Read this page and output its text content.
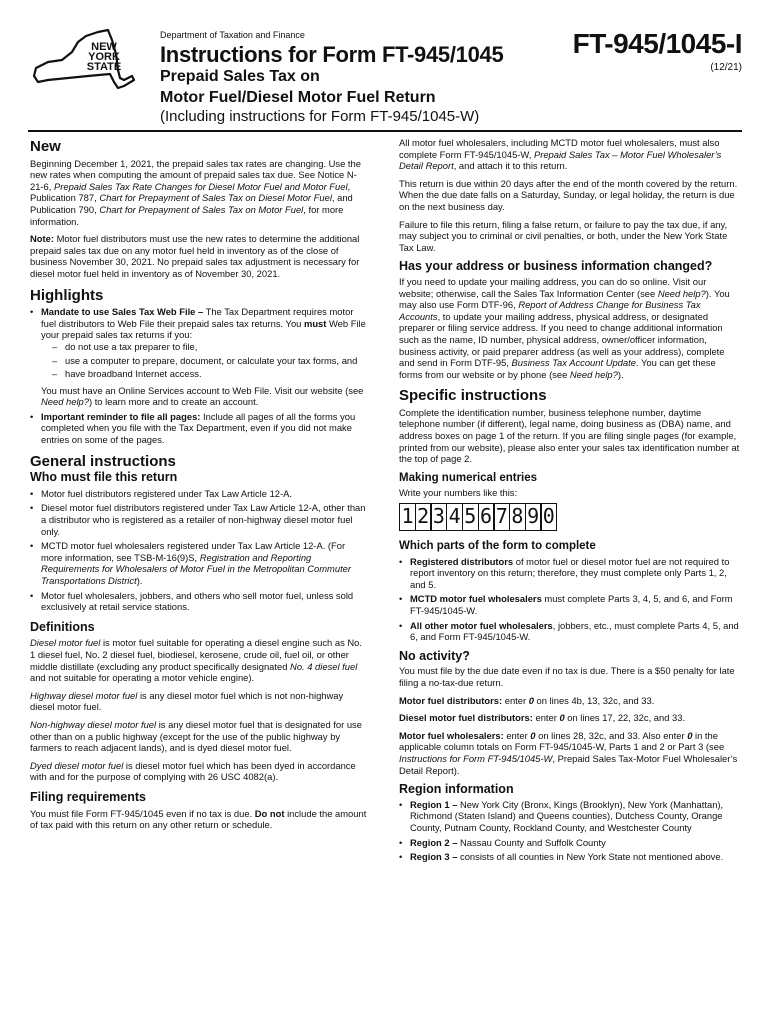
NEW YORK STATE
Department of Taxation and Finance
Instructions for Form FT-945/1045
Prepaid Sales Tax on
Motor Fuel/Diesel Motor Fuel Return
(Including instructions for Form FT-945/1045-W)
FT-945/1045-I
(12/21)
New

Beginning December 1, 2021, the prepaid sales tax rates are changing. Use the new rates when computing the amount of prepaid sales tax due. See Notice N-21-6, Prepaid Sales Tax Rate Changes for Diesel Motor Fuel and Motor Fuel, Publication 787, Chart for Prepayment of Sales Tax on Diesel Motor Fuel, and Publication 790, Chart for Prepayment of Sales Tax on Motor Fuel, for more information.

Note: Motor fuel distributors must use the new rates to determine the additional prepaid sales tax due on any motor fuel held in inventory as of the close of business November 30, 2021. No prepaid sales tax adjustment is necessary for diesel motor fuel held in inventory as of November 30, 2021.

Highlights
• Mandate to use Sales Tax Web File – The Tax Department requires motor fuel distributors to Web File their prepaid sales tax returns. You must Web File your prepaid sales tax returns if you:
– do not use a tax preparer to file,
– use a computer to prepare, document, or calculate your tax forms, and
– have broadband Internet access.
You must have an Online Services account to Web File. Visit our website (see Need help?) to learn more and to create an account.
• Important reminder to file all pages: Include all pages of all the forms you completed when you file with the Tax Department, even if you did not make entries on some of the pages.
General instructions
Who must file this return
• Motor fuel distributors registered under Tax Law Article 12-A.
• Diesel motor fuel distributors registered under Tax Law Article 12-A, other than a distributor who is registered as a retailer of non-highway diesel motor fuel only.
• MCTD motor fuel wholesalers registered under Tax Law Article 12-A. (For more information, see TSB-M-16(9)S, Registration and Reporting Requirements for Wholesalers of Motor Fuel in the Metropolitan Commuter Transportations District).
• Motor fuel wholesalers, jobbers, and others who sell motor fuel, unless sold exclusively at retail service stations.
Definitions

Diesel motor fuel is motor fuel suitable for operating a diesel engine such as No. 1 diesel fuel, No. 2 diesel fuel, biodiesel, kerosene, crude oil, fuel oil, or other middle distillate (excluding any product specifically designated No. 4 diesel fuel and not suitable for operating a motor vehicle engine).

Highway diesel motor fuel is any diesel motor fuel which is not non-highway diesel motor fuel.

Non-highway diesel motor fuel is any diesel motor fuel that is designated for use other than on a public highway (except for the use of the public highway by farmers to reach adjacent lands), and is dyed diesel motor fuel.

Dyed diesel motor fuel is diesel motor fuel which has been dyed in accordance with and for the purpose of complying with 26 USC 4082(a).

Filing requirements

You must file Form FT-945/1045 even if no tax is due. Do not include the amount of tax paid with this return on any other return or schedule.

All motor fuel wholesalers, including MCTD motor fuel wholesalers, must also complete Form FT-945/1045-W, Prepaid Sales Tax – Motor Fuel Wholesaler’s Detail Report, and attach it to this return.

This return is due within 20 days after the end of the month covered by the return. When the due date falls on a Saturday, Sunday, or legal holiday, the return is due on the next business day.

Failure to file this return, filing a false return, or failure to pay the tax due, if any, may subject you to criminal or civil penalties, or both, under the New York State Tax Law.

Has your address or business information changed?

If you need to update your mailing address, you can do so online. Visit our website; otherwise, call the Sales Tax Information Center (see Need help?). You may also use Form DTF-96, Report of Address Change for Business Tax Accounts, to update your mailing address, physical address, or designated preparer or filing service address. If you need to change additional information such as the name, ID number, physical address, owner/officer information, business activity, or paid preparer address (as well as your address), complete and send in Form DTF-95, Business Tax Account Update. You can get these forms from our website or by phone (see Need help?).

Specific instructions

Complete the identification number, business telephone number, daytime telephone number (if different), legal name, doing business as (DBA) name, and address boxes on page 1 of the return. If you are filing single pages (for example, printed from our website), please also enter your sales tax identification number at the top of page 2.

Making numerical entries
Write your numbers like this:
1 2 3 4 5 6 7 8 9 0
Which parts of the form to complete
• Registered distributors of motor fuel or diesel motor fuel are not required to report inventory on this return; therefore, they must complete only Parts 1, 2, and 5.
• MCTD motor fuel wholesalers must complete Parts 3, 4, 5, and 6, and Form FT-945/1045-W.
• All other motor fuel wholesalers, jobbers, etc., must complete Parts 4, 5, and 6, and Form FT-945/1045-W.
No activity?

You must file by the due date even if no tax is due. There is a $50 penalty for late filing a no-tax-due return.

Motor fuel distributors: enter 0 on lines 4b, 13, 32c, and 33.

Diesel motor fuel distributors: enter 0 on lines 17, 22, 32c, and 33.

Motor fuel wholesalers: enter 0 on lines 28, 32c, and 33. Also enter 0 in the applicable column totals on Form FT-945/1045-W, Parts 1 and 2 or Part 3 (see Instructions for Form FT-945/1045-W, Prepaid Sales Tax-Motor Fuel Wholesaler’s Detail Report).

Region information
• Region 1 – New York City (Bronx, Kings (Brooklyn), New York (Manhattan), Richmond (Staten Island) and Queens counties), Dutchess County, Orange County, Putnam County, Rockland County, and Westchester County
• Region 2 – Nassau County and Suffolk County
• Region 3 – consists of all counties in New York State not mentioned above.
